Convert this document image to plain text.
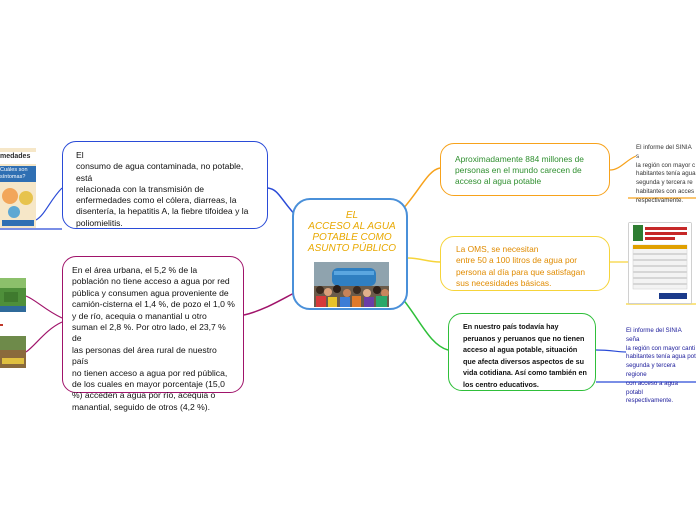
EL
ACCESO AL AGUA
POTABLE COMO
ASUNTO PÚBLICO

El
consumo de agua contaminada, no potable,
está
relacionada con la transmisión de
enfermedades como el cólera, diarreas, la
disentería, la hepatitis A, la fiebre tifoidea y la
poliomielitis.

En el área urbana, el 5,2 % de la
población no tiene acceso a agua por red
pública y consumen agua proveniente de
camión-cisterna el 1,4 %, de pozo el 1,0 %
y de río, acequia o manantial u otro
suman el 2,8 %. Por otro lado, el 23,7 % de
las personas del área rural de nuestro país
no tienen acceso a agua por red pública,
de los cuales en mayor porcentaje (15,0
%) acceden a agua por río, acequia o
manantial, seguido de otros (4,2 %).

Aproximadamente 884 millones de
personas en el mundo carecen de
acceso al agua potable

La OMS, se necesitan
entre 50 a 100 litros de agua por
persona al día para que satisfagan
sus necesidades básicas.

En nuestro país todavía hay
peruanos y peruanos que no tienen
acceso al agua potable, situación
que afecta diversos aspectos de su
vida cotidiana. Así como también en
los centro educativos.

El informe del SINIA s
la región con mayor c
habitantes tenía agua
segunda y tercera re
habitantes con acces
respectivamente.
El informe del SINIA seña
la región con mayor canti
habitantes tenía agua pot
segunda y tercera regione
con acceso a agua potabl
respectivamente.
medades
Cuáles son
síntomas?
